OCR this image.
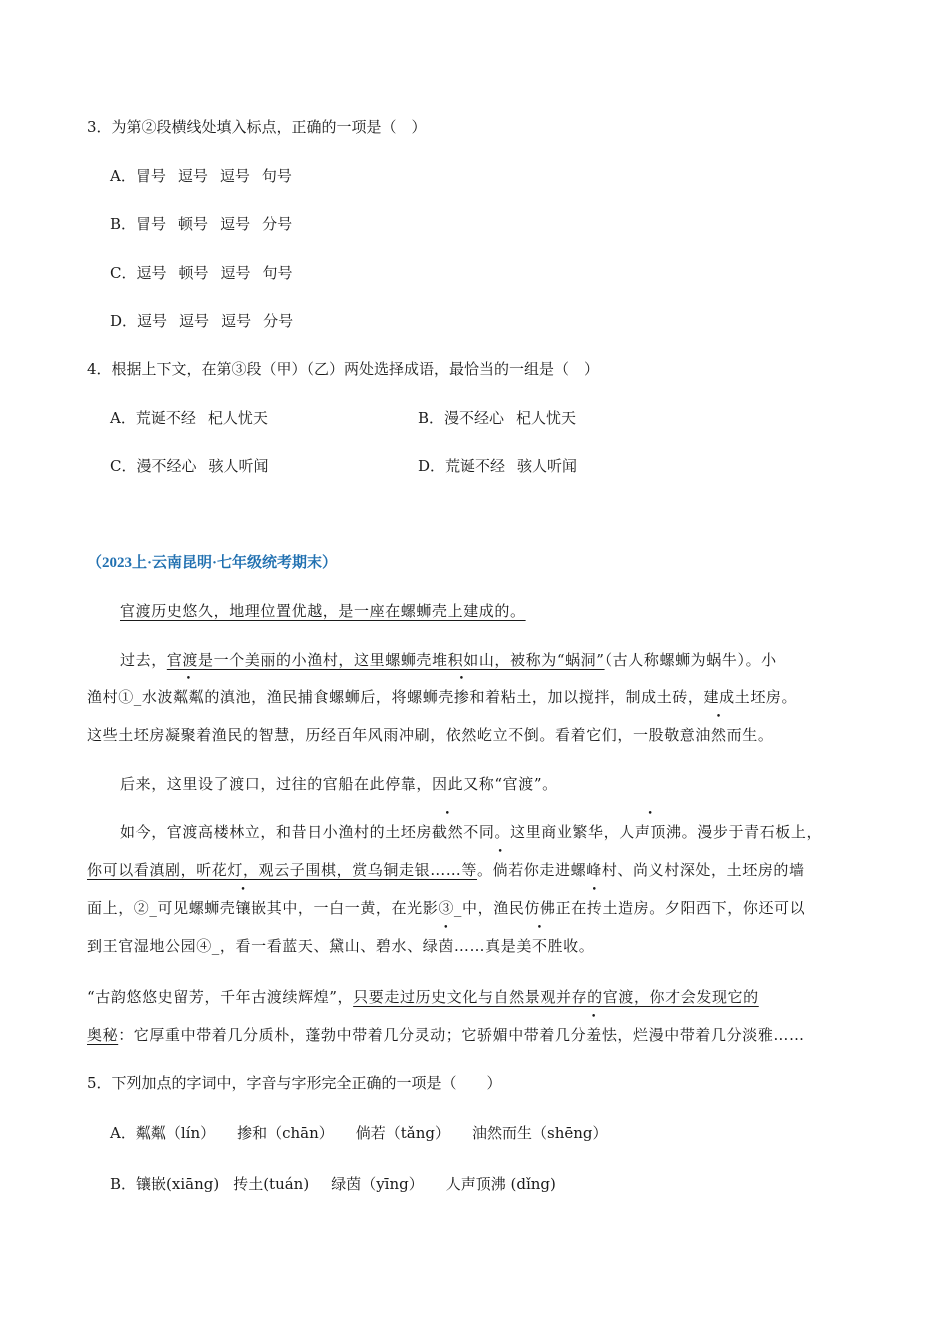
3．为第②段横线处填入标点，正确的一项是（　）
A．冒号 逗号 逗号 句号
B．冒号 顿号 逗号 分号
C．逗号 顿号 逗号 句号
D．逗号 逗号 逗号 分号
4．根据上下文，在第③段（甲）（乙）两处选择成语，最恰当的一组是（　）
A．荒诞不经 杞人忧天	B．漫不经心 杞人忧天
C．漫不经心 骇人听闻	D．荒诞不经 骇人听闻
（2023上·云南昆明·七年级统考期末）
官渡历史悠久，地理位置优越，是一座在螺蛳壳上建成的。
过去，官渡是一个美丽的小渔村，这里螺蛳壳堆积如山，被称为“蜗洞”（古人称螺蛳为蜗牛）。小
渔村①_水波粼粼的滇池，渔民捕食螺蛳后，将螺蛳壳掺和着粘土，加以搅拌，制成土砖，建成土坯房。
这些土坯房凝聚着渔民的智慧，历经百年风雨冲刷，依然屹立不倒。看着它们，一股敬意油然而生。
后来，这里设了渡口，过往的官船在此停靠，因此又称“官渡”。
如今，官渡高楼林立，和昔日小渔村的土坯房截然不同。这里商业繁华，人声顶沸。漫步于青石板上，
你可以看滇剧，听花灯，观云子围棋，赏乌铜走银……等。倘若你走进螺峰村、尚义村深处，土坯房的墙
面上，②_可见螺蛳壳镶嵌其中，一白一黄，在光影③_中，渔民仿佛正在抟土造房。夕阳西下，你还可以
到王官湿地公园④_，看一看蓝天、黛山、碧水、绿茵……真是美不胜收。
“古韵悠悠史留芳，千年古渡续辉煌”，只要走过历史文化与自然景观并存的官渡，你才会发现它的
奥秘：它厚重中带着几分质朴，蓬勃中带着几分灵动；它骄媚中带着几分羞怯，烂漫中带着几分淡雅……
5．下列加点的字词中，字音与字形完全正确的一项是（　　）
A．粼粼（lín） 掺和（chān） 倘若（tǎng） 油然而生（shēng）
B．镶嵌(xiāng) 抟土(tuán) 绿茵（yīng） 人声顶沸 (dǐng)
